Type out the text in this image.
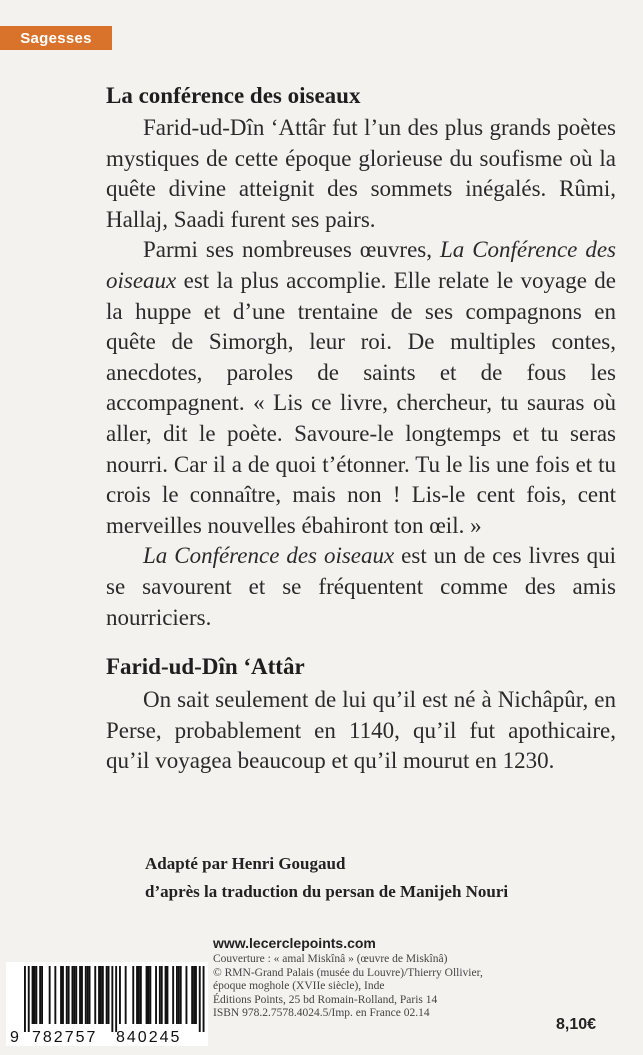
Sagesses
La conférence des oiseaux

Farid-ud-Dîn ‘Attâr fut l’un des plus grands poètes mystiques de cette époque glorieuse du soufisme où la quête divine atteignit des sommets inégalés. Rûmi, Hallaj, Saadi furent ses pairs.

Parmi ses nombreuses œuvres, La Conférence des oiseaux est la plus accomplie. Elle relate le voyage de la huppe et d’une trentaine de ses compagnons en quête de Simorgh, leur roi. De multiples contes, anecdotes, paroles de saints et de fous les accompagnent. « Lis ce livre, chercheur, tu sauras où aller, dit le poète. Savoure-le longtemps et tu seras nourri. Car il a de quoi t’étonner. Tu le lis une fois et tu crois le connaître, mais non ! Lis-le cent fois, cent merveilles nouvelles ébahiront ton œil. »

La Conférence des oiseaux est un de ces livres qui se savourent et se fréquentent comme des amis nourriciers.

Farid-ud-Dîn ‘Attâr

On sait seulement de lui qu’il est né à Nichâpûr, en Perse, probablement en 1140, qu’il fut apothicaire, qu’il voyagea beaucoup et qu’il mourut en 1230.

Adapté par Henri Gougaud
d’après la traduction du persan de Manijeh Nouri
www.lecerclepoints.com
Couverture : « amal Miskînâ » (œuvre de Miskînâ)
© RMN-Grand Palais (musée du Louvre)/Thierry Ollivier,
époque moghole (XVIIe siècle), Inde
Éditions Points, 25 bd Romain-Rolland, Paris 14
ISBN 978.2.7578.4024.5/Imp. en France 02.14
9 782757 840245
8,10€
